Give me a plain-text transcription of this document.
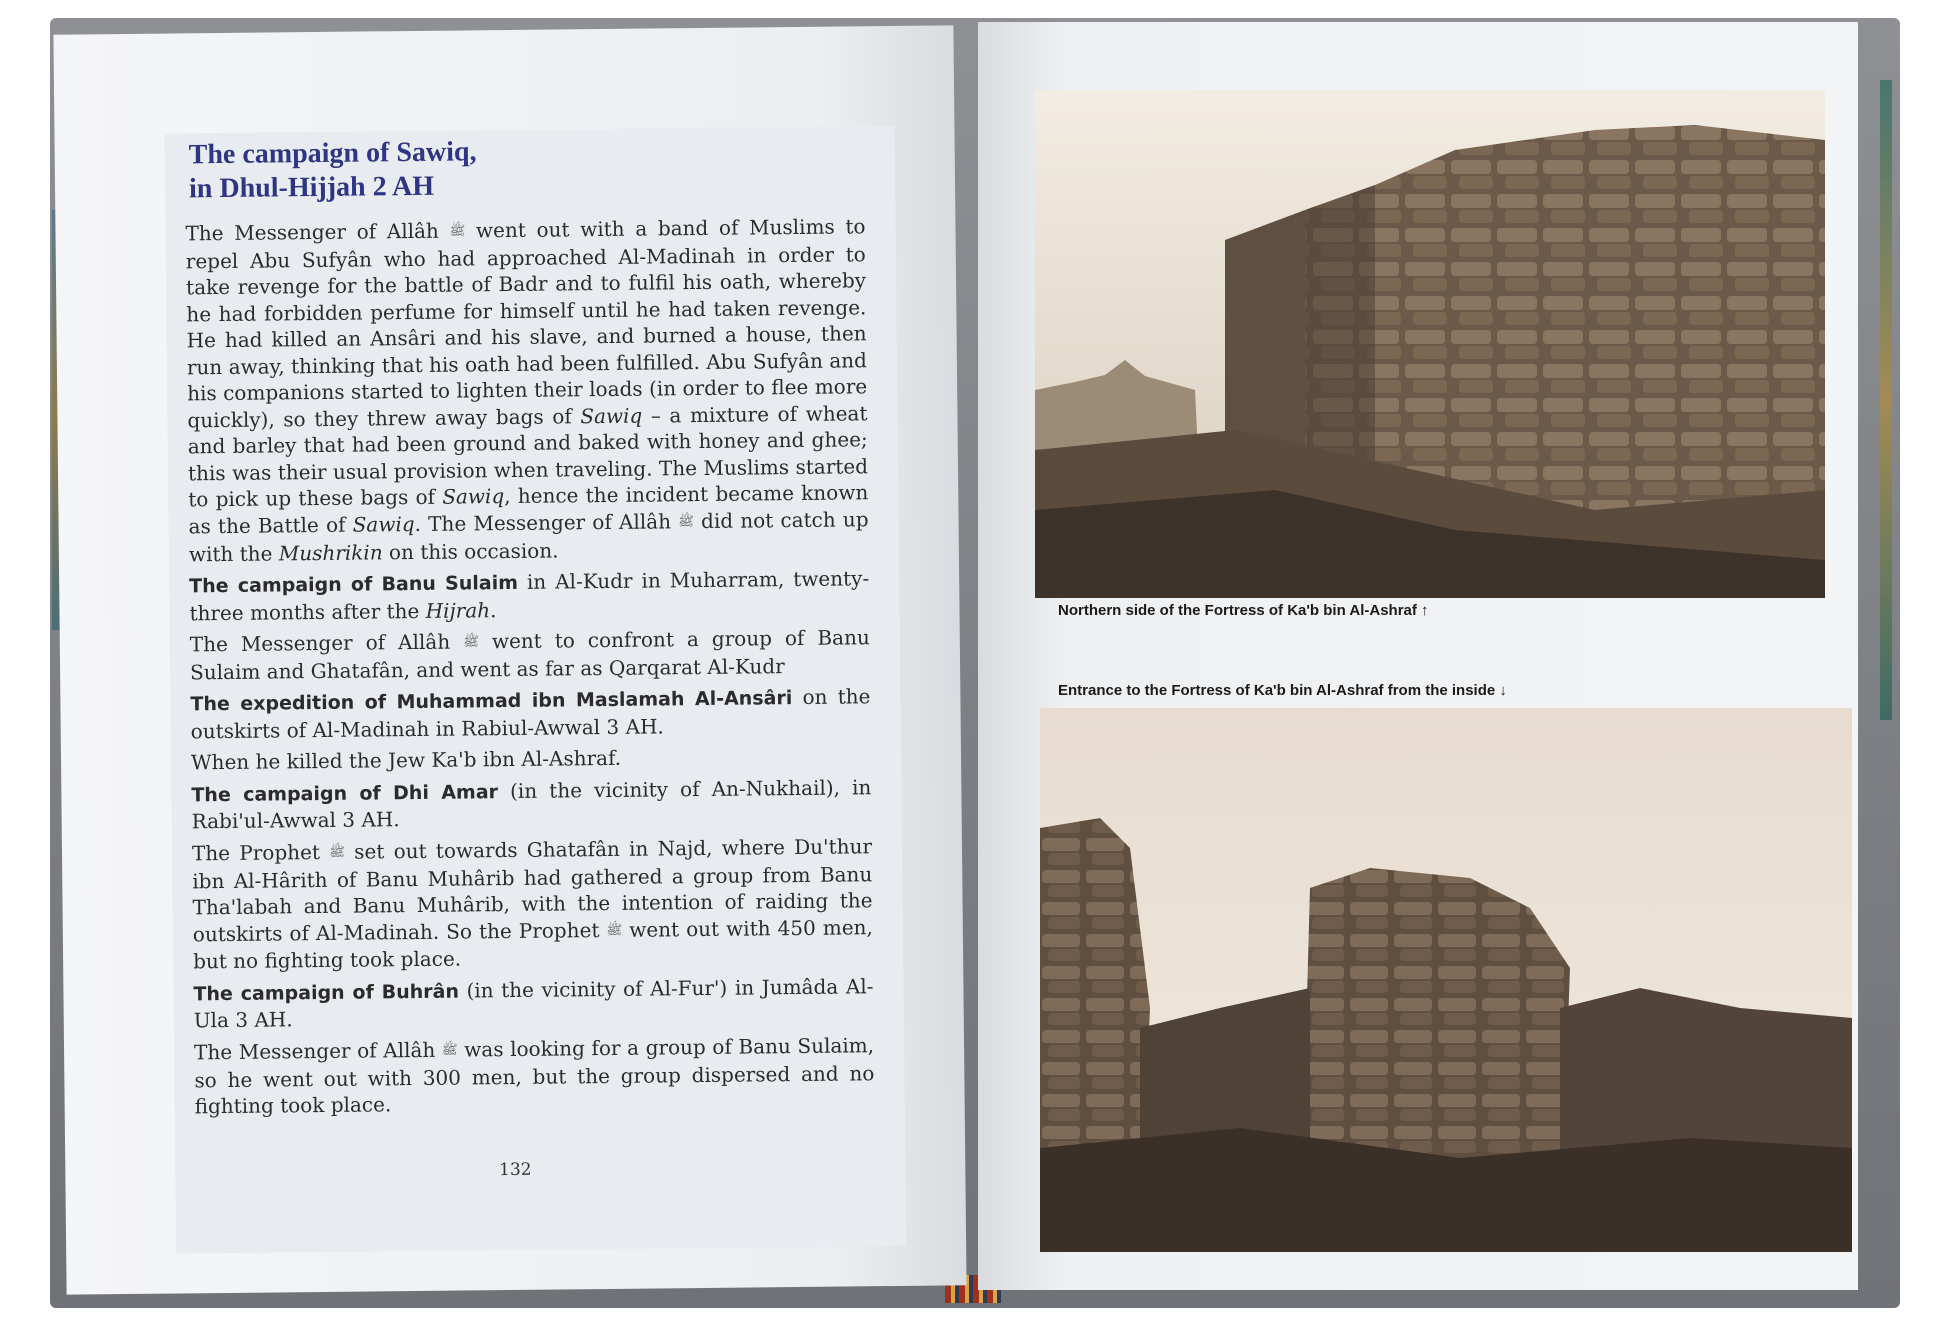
The campaign of Sawiq,
in Dhul-Hijjah 2 AH

The Messenger of Allâh ﷺ went out with a band of Muslims to repel Abu Sufyân who had approached Al-Madinah in order to take revenge for the battle of Badr and to fulfil his oath, whereby he had forbidden perfume for himself until he had taken revenge. He had killed an Ansâri and his slave, and burned a house, then run away, thinking that his oath had been fulfilled. Abu Sufyân and his companions started to lighten their loads (in order to flee more quickly), so they threw away bags of Sawiq – a mixture of wheat and barley that had been ground and baked with honey and ghee; this was their usual provision when traveling. The Muslims started to pick up these bags of Sawiq, hence the incident became known as the Battle of Sawiq. The Messenger of Allâh ﷺ did not catch up with the Mushrikin on this occasion.

The campaign of Banu Sulaim in Al-Kudr in Muharram, twenty-three months after the Hijrah.

The Messenger of Allâh ﷺ went to confront a group of Banu Sulaim and Ghatafân, and went as far as Qarqarat Al-Kudr

The expedition of Muhammad ibn Maslamah Al-Ansâri on the outskirts of Al-Madinah in Rabiul-Awwal 3 AH.

When he killed the Jew Ka'b ibn Al-Ashraf.

The campaign of Dhi Amar (in the vicinity of An-Nukhail), in Rabi'ul-Awwal 3 AH.

The Prophet ﷺ set out towards Ghatafân in Najd, where Du'thur ibn Al-Hârith of Banu Muhârib had gathered a group from Banu Tha'labah and Banu Muhârib, with the intention of raiding the outskirts of Al-Madinah. So the Prophet ﷺ went out with 450 men, but no fighting took place.

The campaign of Buhrân (in the vicinity of Al-Fur') in Jumâda Al-Ula 3 AH.

The Messenger of Allâh ﷺ was looking for a group of Banu Sulaim, so he went out with 300 men, but the group dispersed and no fighting took place.

132
Northern side of the Fortress of Ka'b bin Al-Ashraf ↑
Entrance to the Fortress of Ka'b bin Al-Ashraf from the inside ↓
